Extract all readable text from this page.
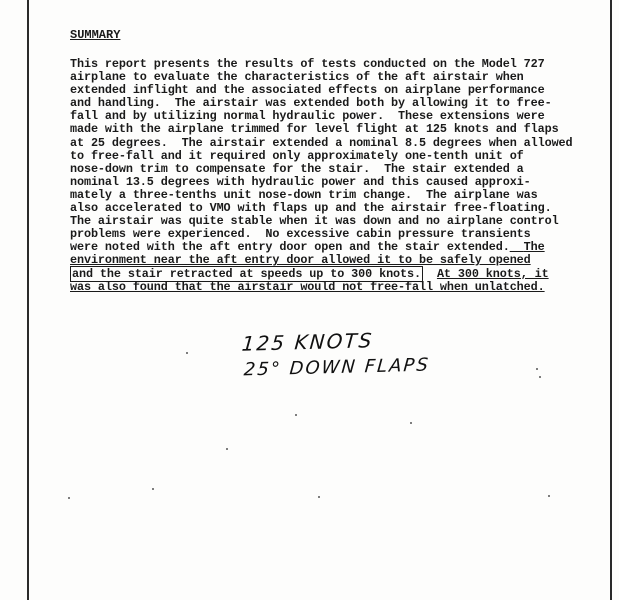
SUMMARY
This report presents the results of tests conducted on the Model 727
airplane to evaluate the characteristics of the aft airstair when
extended inflight and the associated effects on airplane performance
and handling.  The airstair was extended both by allowing it to free-
fall and by utilizing normal hydraulic power.  These extensions were
made with the airplane trimmed for level flight at 125 knots and flaps
at 25 degrees.  The airstair extended a nominal 8.5 degrees when allowed
to free-fall and it required only approximately one-tenth unit of
nose-down trim to compensate for the stair.  The stair extended a
nominal 13.5 degrees with hydraulic power and this caused approxi-
mately a three-tenths unit nose-down trim change.  The airplane was
also accelerated to VMO with flaps up and the airstair free-floating.
The airstair was quite stable when it was down and no airplane control
problems were experienced.  No excessive cabin pressure transients
were noted with the aft entry door open and the stair extended. The
environment near the aft entry door allowed it to be safely opened
and the stair retracted at speeds up to 300 knots. At 300 knots, it
was also found that the airstair would not free-fall when unlatched.
125 KNOTS
25° DOWN FLAPS
